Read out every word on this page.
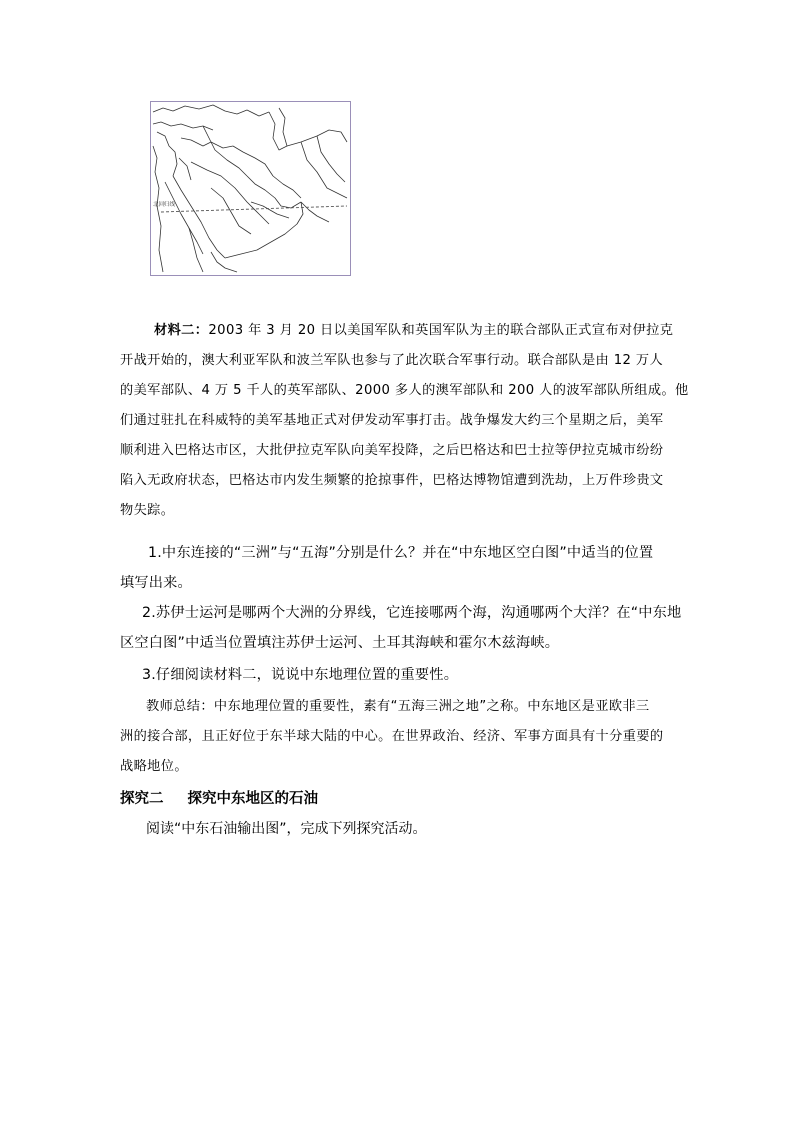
北回归线
材料二：2003 年 3 月 20 日以美国军队和英国军队为主的联合部队正式宣布对伊拉克
开战开始的，澳大利亚军队和波兰军队也参与了此次联合军事行动。联合部队是由 12 万人
的美军部队、4 万 5 千人的英军部队、2000 多人的澳军部队和 200 人的波军部队所组成。他
们通过驻扎在科威特的美军基地正式对伊发动军事打击。战争爆发大约三个星期之后，美军
顺利进入巴格达市区，大批伊拉克军队向美军投降，之后巴格达和巴士拉等伊拉克城市纷纷
陷入无政府状态，巴格达市内发生频繁的抢掠事件，巴格达博物馆遭到洗劫，上万件珍贵文
物失踪。
1.中东连接的“三洲”与“五海”分别是什么？并在“中东地区空白图”中适当的位置
填写出来。
2.苏伊士运河是哪两个大洲的分界线，它连接哪两个海，沟通哪两个大洋？在“中东地
区空白图”中适当位置填注苏伊士运河、土耳其海峡和霍尔木兹海峡。
3.仔细阅读材料二，说说中东地理位置的重要性。
教师总结：中东地理位置的重要性，素有“五海三洲之地”之称。中东地区是亚欧非三
洲的接合部，且正好位于东半球大陆的中心。在世界政治、经济、军事方面具有十分重要的
战略地位。
探究二 探究中东地区的石油
阅读“中东石油输出图”，完成下列探究活动。
